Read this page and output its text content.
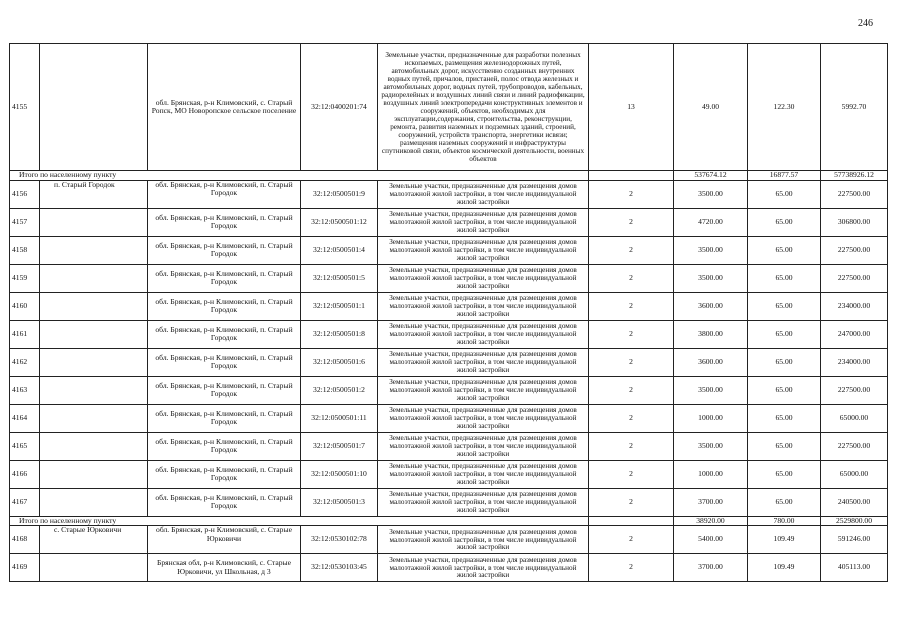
246
4155		обл. Брянская, р-н Климовский, с. Старый Ропск, МО Новоропское сельское поселение	32:12:0400201:74	Земельные участки, предназначенные для разработки полезных ископаемых, размещения железнодорожных путей, автомобильных дорог, искусственно созданных внутренних водных путей, причалов, пристаней, полос отвода железных и автомобильных дорог, водных путей, трубопроводов, кабельных, радиорелейных и воздушных линий связи и линий радиофикации, воздушных линий электропередачи конструктивных элементов и сооружений, объектов, необходимых для эксплуатации,содержания, строительства, реконструкции, ремонта, развития наземных и подземных зданий, строений, сооружений, устройств транспорта, энергетики исвязи; размещения наземных сооружений и инфраструктуры спутниковой связи, объектов космической деятельности, военных объектов	13	49.00	122.30	5992.70
Итого по населенному пункту						537674.12	16877.57	57738926.12
4156	п. Старый Городок	обл. Брянская, р-н Климовский, п. Старый Городок	32:12:0500501:9	Земельные участки, предназначенные для размещения домов малоэтажной жилой застройки, в том числе индивидуальной жилой застройки	2	3500.00	65.00	227500.00
4157		обл. Брянская, р-н Климовский, п. Старый Городок	32:12:0500501:12	Земельные участки, предназначенные для размещения домов малоэтажной жилой застройки, в том числе индивидуальной жилой застройки	2	4720.00	65.00	306800.00
4158		обл. Брянская, р-н Климовский, п. Старый Городок	32:12:0500501:4	Земельные участки, предназначенные для размещения домов малоэтажной жилой застройки, в том числе индивидуальной жилой застройки	2	3500.00	65.00	227500.00
4159		обл. Брянская, р-н Климовский, п. Старый Городок	32:12:0500501:5	Земельные участки, предназначенные для размещения домов малоэтажной жилой застройки, в том числе индивидуальной жилой застройки	2	3500.00	65.00	227500.00
4160		обл. Брянская, р-н Климовский, п. Старый Городок	32:12:0500501:1	Земельные участки, предназначенные для размещения домов малоэтажной жилой застройки, в том числе индивидуальной жилой застройки	2	3600.00	65.00	234000.00
4161		обл. Брянская, р-н Климовский, п. Старый Городок	32:12:0500501:8	Земельные участки, предназначенные для размещения домов малоэтажной жилой застройки, в том числе индивидуальной жилой застройки	2	3800.00	65.00	247000.00
4162		обл. Брянская, р-н Климовский, п. Старый Городок	32:12:0500501:6	Земельные участки, предназначенные для размещения домов малоэтажной жилой застройки, в том числе индивидуальной жилой застройки	2	3600.00	65.00	234000.00
4163		обл. Брянская, р-н Климовский, п. Старый Городок	32:12:0500501:2	Земельные участки, предназначенные для размещения домов малоэтажной жилой застройки, в том числе индивидуальной жилой застройки	2	3500.00	65.00	227500.00
4164		обл. Брянская, р-н Климовский, п. Старый Городок	32:12:0500501:11	Земельные участки, предназначенные для размещения домов малоэтажной жилой застройки, в том числе индивидуальной жилой застройки	2	1000.00	65.00	65000.00
4165		обл. Брянская, р-н Климовский, п. Старый Городок	32:12:0500501:7	Земельные участки, предназначенные для размещения домов малоэтажной жилой застройки, в том числе индивидуальной жилой застройки	2	3500.00	65.00	227500.00
4166		обл. Брянская, р-н Климовский, п. Старый Городок	32:12:0500501:10	Земельные участки, предназначенные для размещения домов малоэтажной жилой застройки, в том числе индивидуальной жилой застройки	2	1000.00	65.00	65000.00
4167		обл. Брянская, р-н Климовский, п. Старый Городок	32:12:0500501:3	Земельные участки, предназначенные для размещения домов малоэтажной жилой застройки, в том числе индивидуальной жилой застройки	2	3700.00	65.00	240500.00
Итого по населенному пункту						38920.00	780.00	2529800.00
4168	с. Старые Юрковичи	обл. Брянская, р-н Климовский, с. Старые Юрковичи	32:12:0530102:78	Земельные участки, предназначенные для размещения домов малоэтажной жилой застройки, в том числе индивидуальной жилой застройки	2	5400.00	109.49	591246.00
4169		Брянская обл, р-н Климовский, с. Старые Юрковичи, ул Школьная, д 3	32:12:0530103:45	Земельные участки, предназначенные для размещения домов малоэтажной жилой застройки, в том числе индивидуальной жилой застройки	2	3700.00	109.49	405113.00
